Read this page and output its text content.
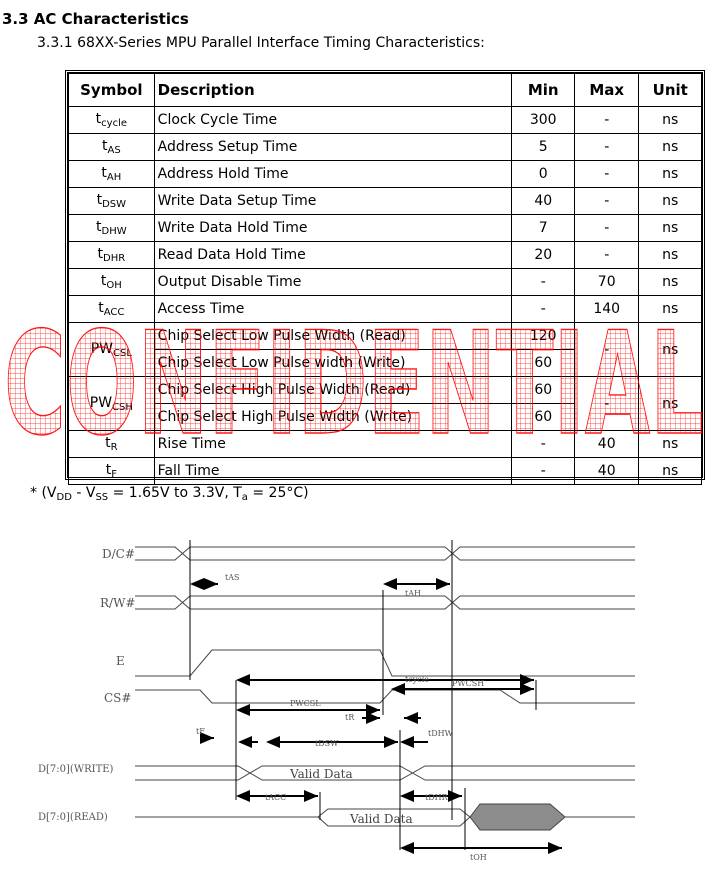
3.3 AC Characteristics
3.3.1 68XX-Series MPU Parallel Interface Timing Characteristics:
Symbol	Description	Min	Max	Unit
$t_{cycle}$	Clock Cycle Time	300	-	ns
$t_{AS}$	Address Setup Time	5	-	ns
$t_{AH}$	Address Hold Time	0	-	ns
$t_{DSW}$	Write Data Setup Time	40	-	ns
$t_{DHW}$	Write Data Hold Time	7	-	ns
$t_{DHR}$	Read Data Hold Time	20	-	ns
$t_{OH}$	Output Disable Time	-	70	ns
$t_{ACC}$	Access Time	-	140	ns
$PW_{CSL}$	Chip Select Low Pulse Width (Read)	120	-	ns
	Chip Select Low Pulse width (Write)	60		
$PW_{CSH}$	Chip Select High Pulse Width (Read)	60	-	ns
	Chip Select High Pulse Width (Write)	60		
$t_R$	Rise Time	-	40	ns
$t_F$	Fall Time	-	40	ns
* ($V_{DD} - V_{SS} = 1.65V$ to 3.3V, $T_a = 25^\circ C$)
CONFIDENTIAL
D/C#
R/W#
E
CS#
D[7:0](WRITE)
D[7:0](READ)
tAS
tAH
tcycle
PWCSL
PWCSH
tR
tF
tDSW
tDHW
tACC	tDHR
tOH
Valid Data
Valid Data
